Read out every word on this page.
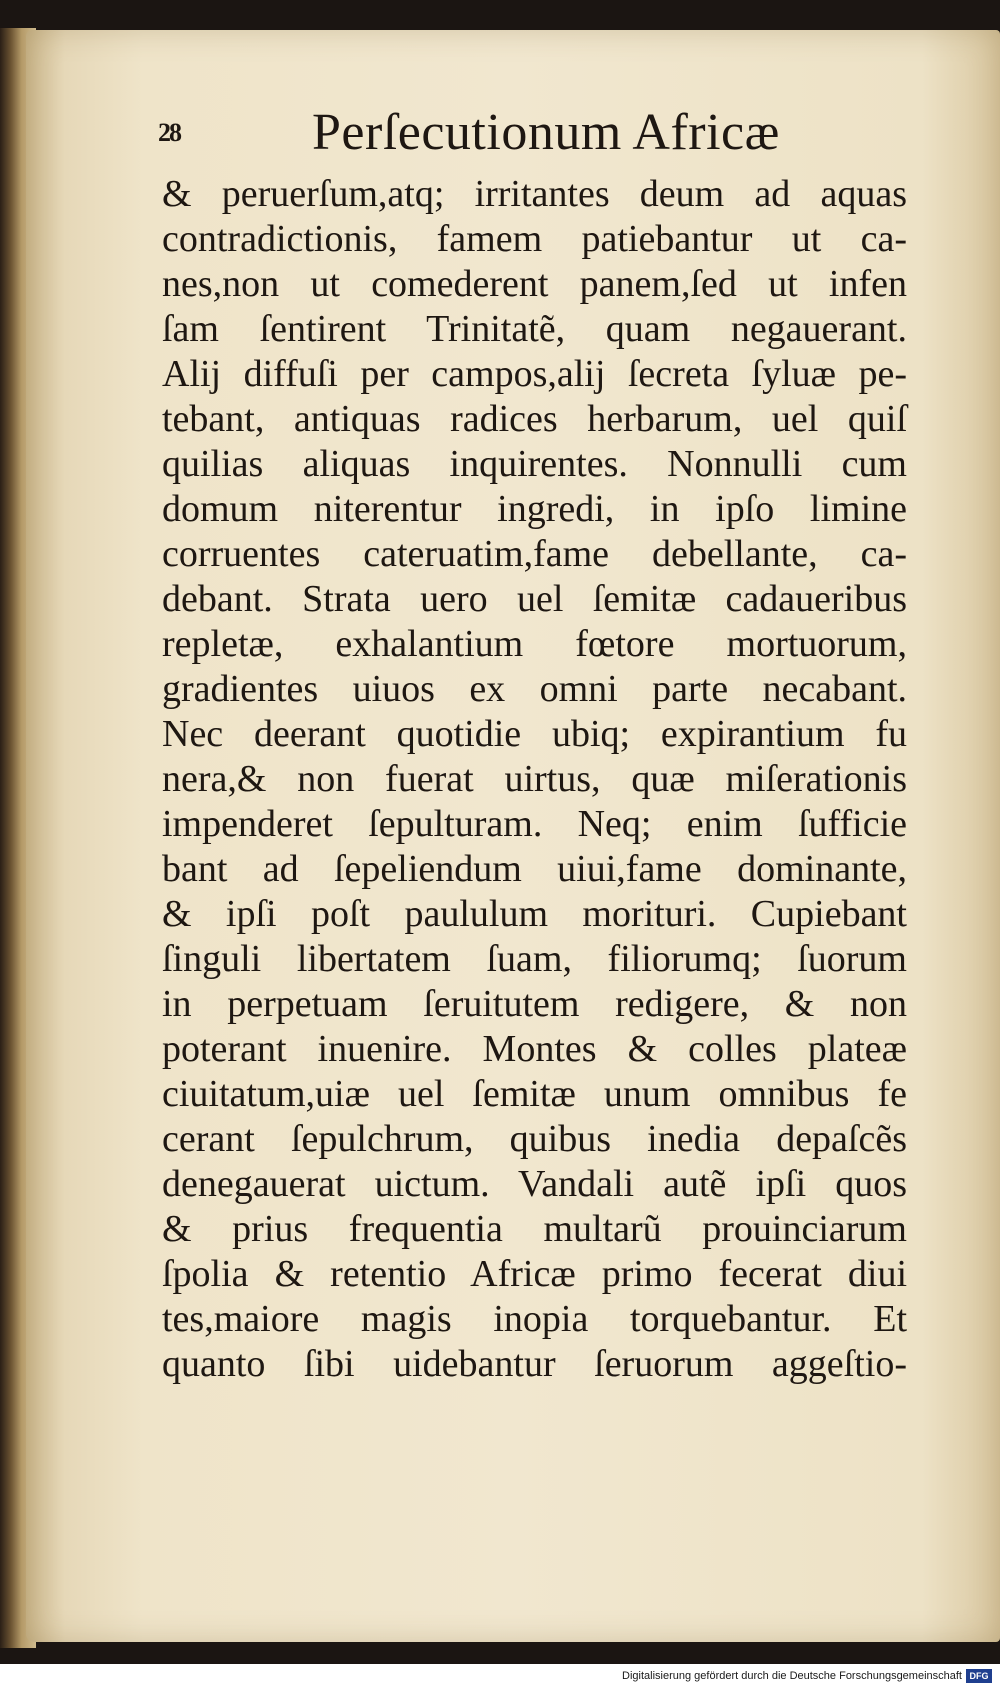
28	Perſecutionum Africæ
& peruerſum,atq; irritantes deum ad aquas
contradictionis, famem patiebantur ut ca-
nes,non ut comederent panem,ſed ut infen
ſam ſentirent Trinitatẽ, quam negauerant.
Alij diffuſi per campos,alij ſecreta ſyluæ pe-
tebant, antiquas radices herbarum, uel quiſ
quilias aliquas inquirentes. Nonnulli cum
domum niterentur ingredi, in ipſo limine
corruentes cateruatim,fame debellante, ca-
debant. Strata uero uel ſemitæ cadaueribus
repletæ, exhalantium fœtore mortuorum,
gradientes uiuos ex omni parte necabant.
Nec deerant quotidie ubiq; expirantium fu
nera,& non fuerat uirtus, quæ miſerationis
impenderet ſepulturam. Neq; enim ſufficie
bant ad ſepeliendum uiui,fame dominante,
& ipſi poſt paululum morituri. Cupiebant
ſinguli libertatem ſuam, filiorumq; ſuorum
in perpetuam ſeruitutem redigere, & non
poterant inuenire. Montes & colles plateæ
ciuitatum,uiæ uel ſemitæ unum omnibus fe
cerant ſepulchrum, quibus inedia depaſcẽs
denegauerat uictum. Vandali autẽ ipſi quos
& prius frequentia multarũ prouinciarum
ſpolia & retentio Africæ primo fecerat diui
tes,maiore magis inopia torquebantur. Et
quanto ſibi uidebantur ſeruorum aggeſtio-
Digitalisierung gefördert durch die Deutsche Forschungsgemeinschaft DFG
